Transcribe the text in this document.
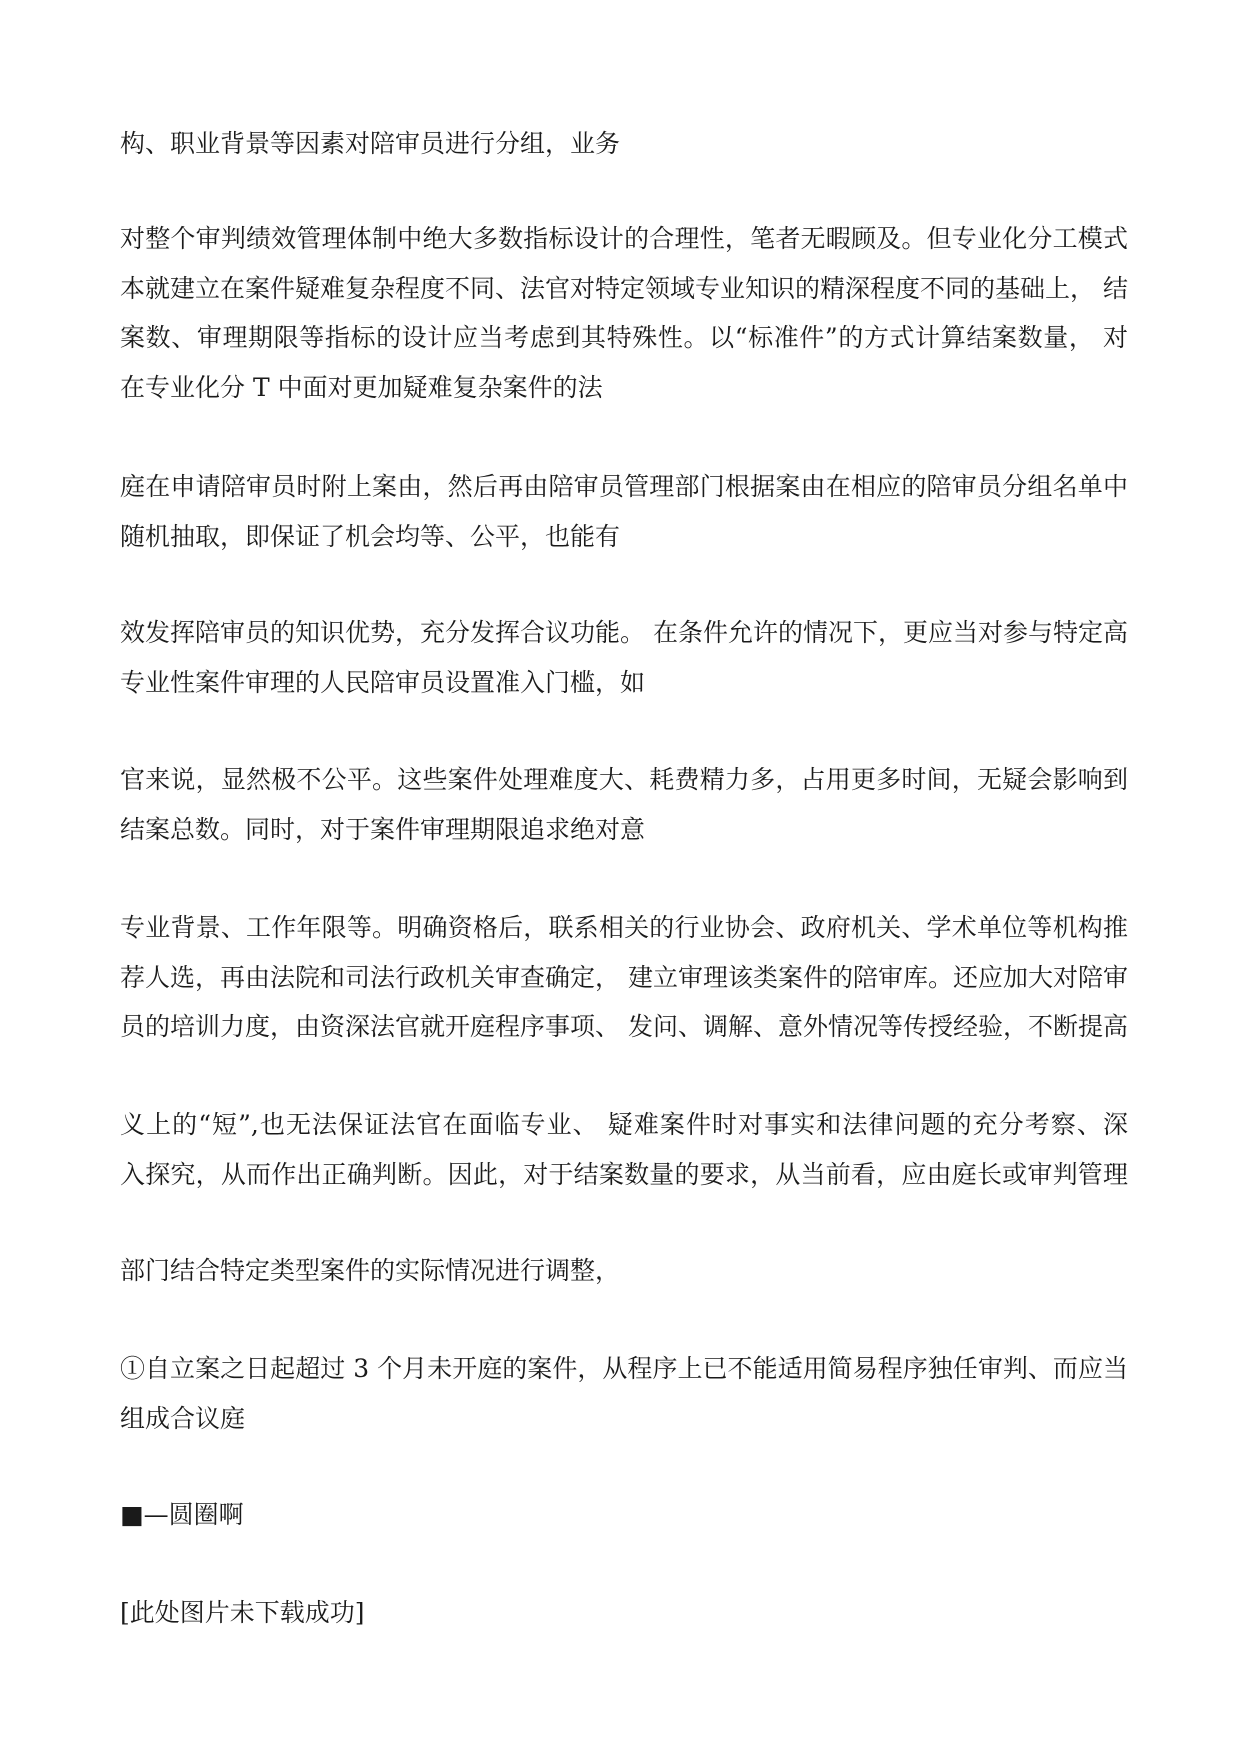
构、职业背景等因素对陪审员进行分组，业务
对整个审判绩效管理体制中绝大多数指标设计的合理性，笔者无暇顾及。但专业化分工模式
本就建立在案件疑难复杂程度不同、法官对特定领域专业知识的精深程度不同的基础上， 结
案数、审理期限等指标的设计应当考虑到其特殊性。以“标准件”的方式计算结案数量， 对
在专业化分 T 中面对更加疑难复杂案件的法
庭在申请陪审员时附上案由，然后再由陪审员管理部门根据案由在相应的陪审员分组名单中
随机抽取，即保证了机会均等、公平，也能有
效发挥陪审员的知识优势，充分发挥合议功能。 在条件允许的情况下，更应当对参与特定高
专业性案件审理的人民陪审员设置准入门槛，如
官来说，显然极不公平。这些案件处理难度大、耗费精力多，占用更多时间，无疑会影响到
结案总数。同时，对于案件审理期限追求绝对意
专业背景、工作年限等。明确资格后，联系相关的行业协会、政府机关、学术单位等机构推
荐人选，再由法院和司法行政机关审查确定， 建立审理该类案件的陪审库。还应加大对陪审
员的培训力度，由资深法官就开庭程序事项、 发问、调解、意外情况等传授经验，不断提高
义上的“短”,也无法保证法官在面临专业、 疑难案件时对事实和法律问题的充分考察、深
入探究，从而作出正确判断。因此，对于结案数量的要求，从当前看，应由庭长或审判管理
部门结合特定类型案件的实际情况进行调整，
①自立案之日起超过 3 个月未开庭的案件，从程序上已不能适用简易程序独任审判、而应当
组成合议庭
■—圆圈啊
[此处图片未下载成功]
